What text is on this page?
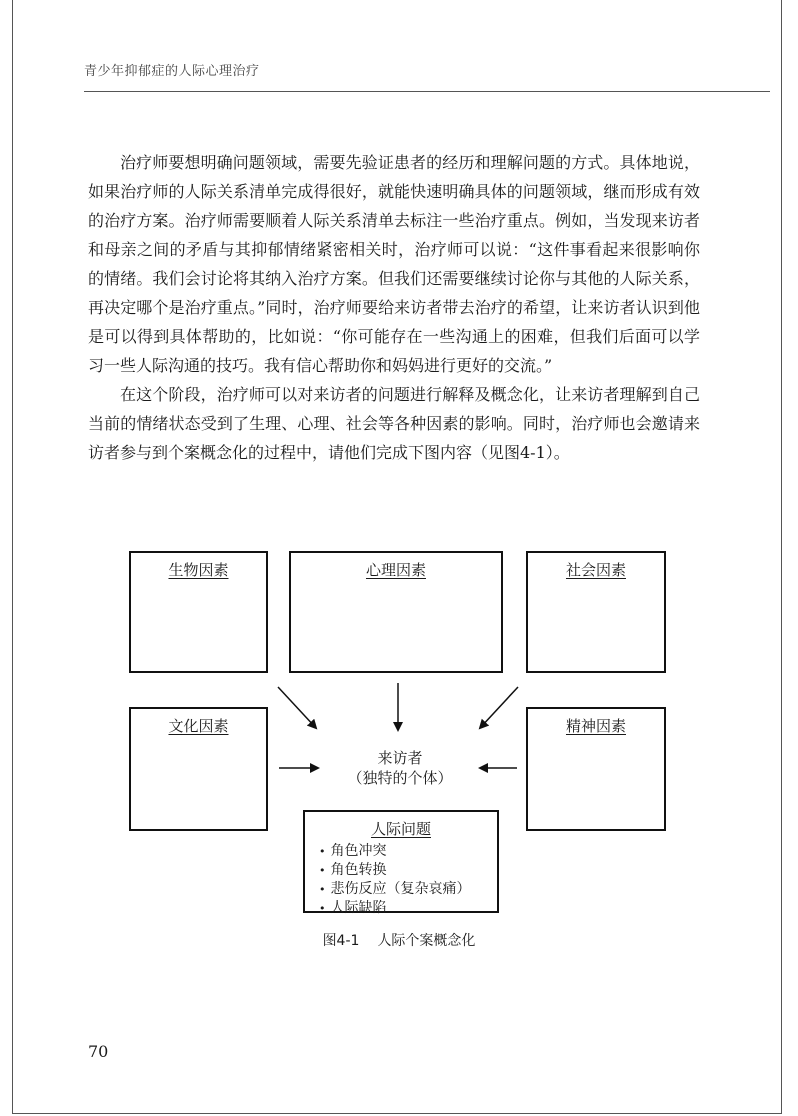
青少年抑郁症的人际心理治疗

治疗师要想明确问题领域，需要先验证患者的经历和理解问题的方式。具体地说，如果治疗师的人际关系清单完成得很好，就能快速明确具体的问题领域，继而形成有效的治疗方案。治疗师需要顺着人际关系清单去标注一些治疗重点。例如，当发现来访者和母亲之间的矛盾与其抑郁情绪紧密相关时，治疗师可以说：“这件事看起来很影响你的情绪。我们会讨论将其纳入治疗方案。但我们还需要继续讨论你与其他的人际关系，再决定哪个是治疗重点。”同时，治疗师要给来访者带去治疗的希望，让来访者认识到他是可以得到具体帮助的，比如说：“你可能存在一些沟通上的困难，但我们后面可以学习一些人际沟通的技巧。我有信心帮助你和妈妈进行更好的交流。”

在这个阶段，治疗师可以对来访者的问题进行解释及概念化，让来访者理解到自己当前的情绪状态受到了生理、心理、社会等各种因素的影响。同时，治疗师也会邀请来访者参与到个案概念化的过程中，请他们完成下图内容（见图4-1）。

生物因素	心理因素	社会因素
文化因素	精神因素
来访者
（独特的个体）
人际问题
• 角色冲突
• 角色转换
• 悲伤反应（复杂哀痛）
• 人际缺陷
图4-1 人际个案概念化
70
